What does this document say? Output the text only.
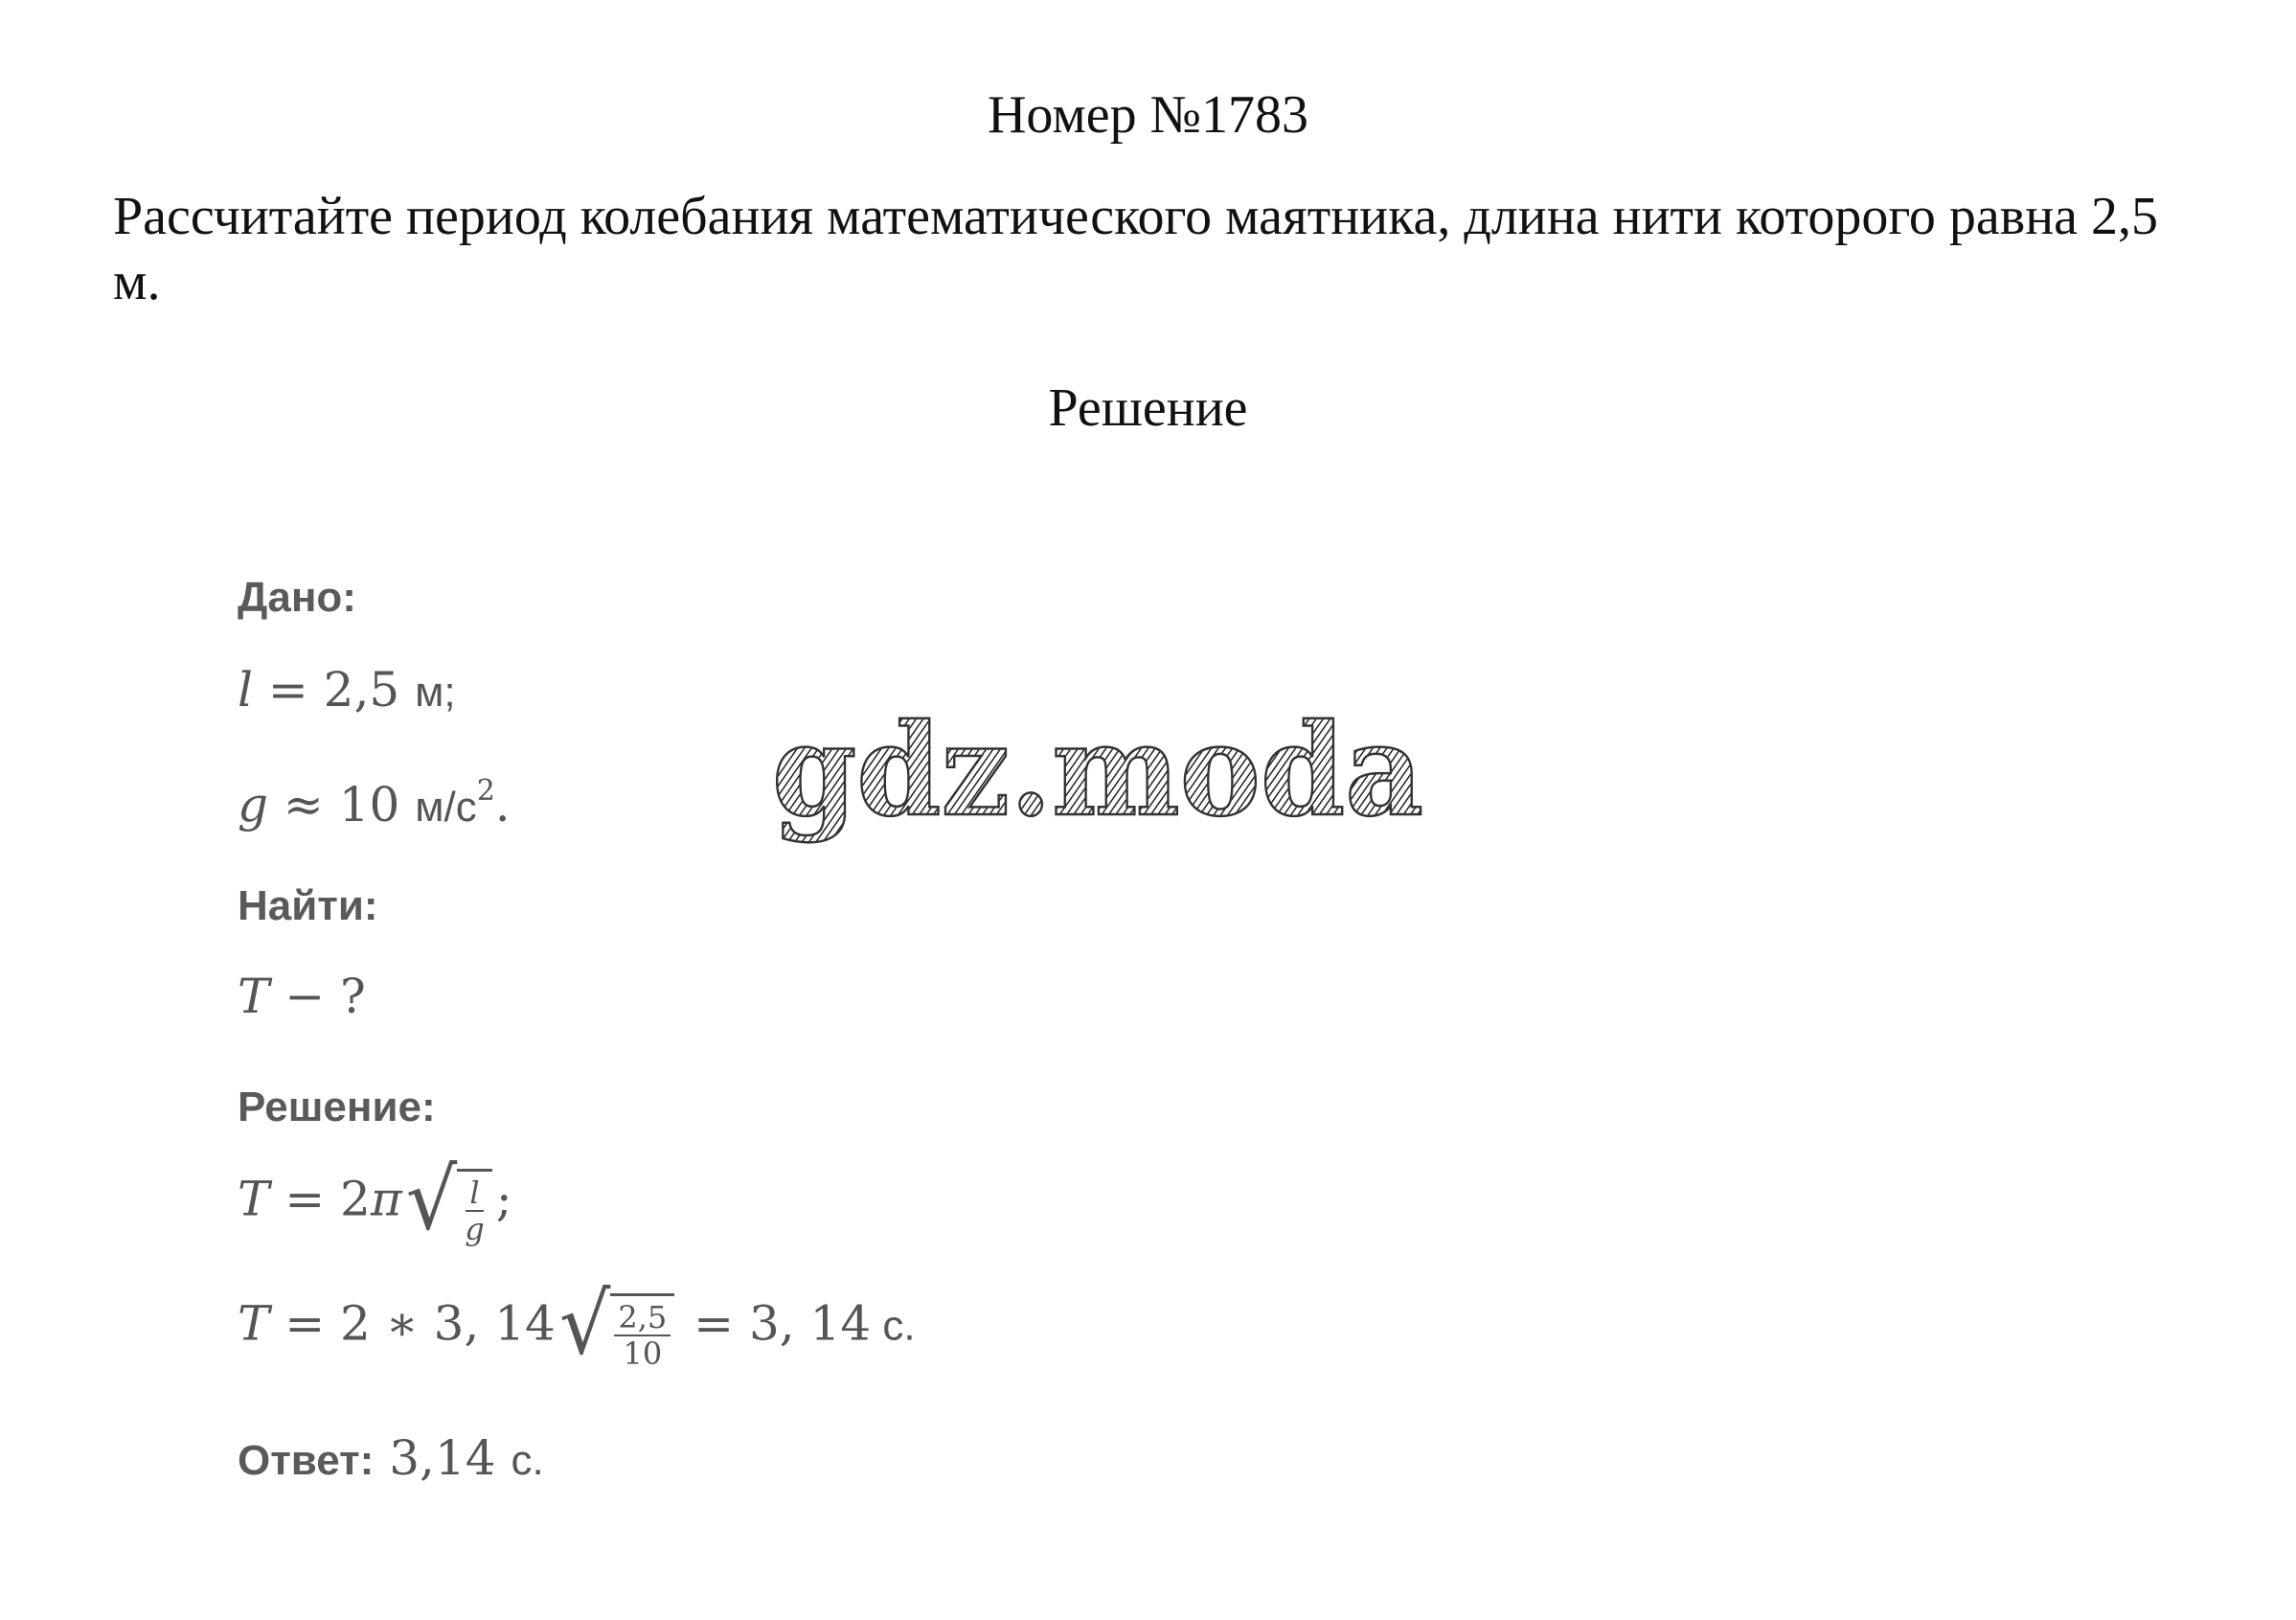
Номер №1783

Рассчитайте период колебания математического маятника, длина нити которого равна 2,5 м.

Решение
Дано:
l = 2,5 м;
g ≈ 10 $м/с^2$.
Найти:
T − ?
Решение:
T = 2π √ $\frac{l}{g}$ ;
T = 2 ∗ 3, 14 √ $\frac{2,5}{10} = 3$, 14 с.
Ответ: 3,14 с.
gdz.moda
